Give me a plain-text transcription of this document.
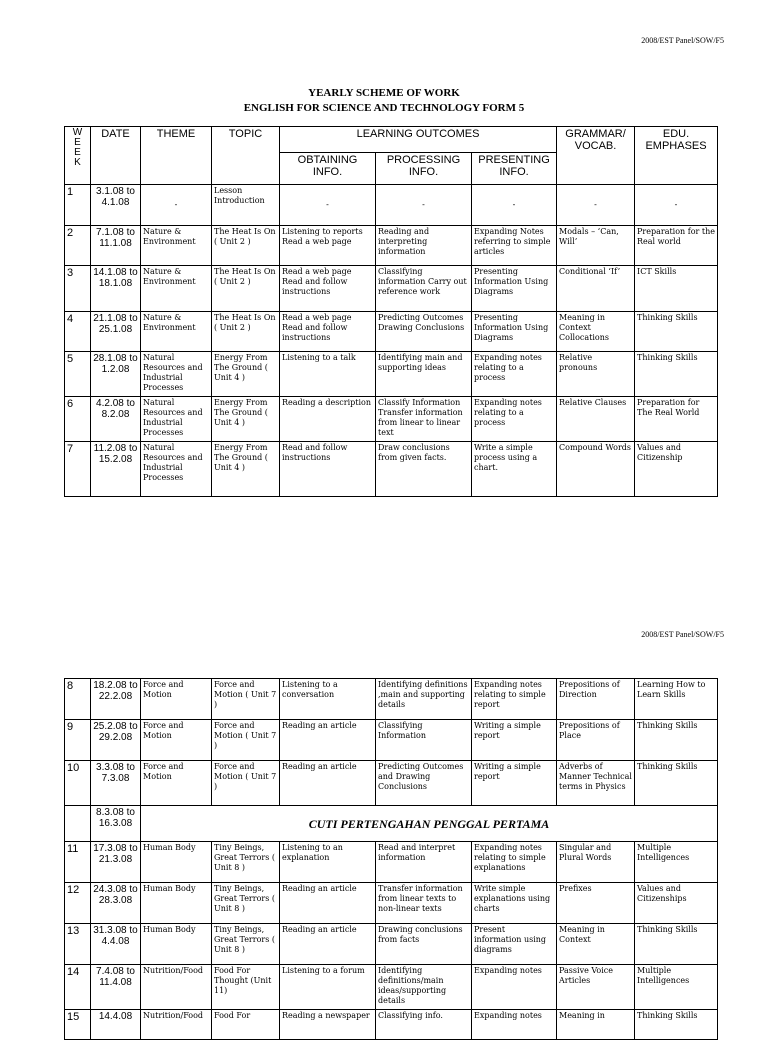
2008/EST Panel/SOW/F5
YEARLY SCHEME OF WORK
ENGLISH FOR SCIENCE AND TECHNOLOGY FORM 5
W
E
E
K	DATE	THEME	TOPIC	LEARNING OUTCOMES			GRAMMAR/ VOCAB.	EDU. EMPHASES
				OBTAINING INFO.	PROCESSING INFO.	PRESENTING INFO.		
1	3.1.08 to 4.1.08	-	Lesson Introduction	-	-	-	-	-
2	7.1.08 to 11.1.08	Nature & Environment	The Heat Is On ( Unit 2 )	Listening to reports Read a web page	Reading and interpreting information	Expanding Notes referring to simple articles	Modals – ‘Can, Will’	Preparation for the Real world
3	14.1.08 to 18.1.08	Nature & Environment	The Heat Is On ( Unit 2 )	Read a web page Read and follow instructions	Classifying information Carry out reference work	Presenting Information Using Diagrams	Conditional ‘If’	ICT Skills
4	21.1.08 to 25.1.08	Nature & Environment	The Heat Is On ( Unit 2 )	Read a web page Read and follow instructions	Predicting Outcomes Drawing Conclusions	Presenting Information Using Diagrams	Meaning in Context Collocations	Thinking Skills
5	28.1.08 to 1.2.08	Natural Resources and Industrial Processes	Energy From The Ground ( Unit 4 )	Listening to a talk	Identifying main and supporting ideas	Expanding notes relating to a process	Relative pronouns	Thinking Skills
6	4.2.08 to 8.2.08	Natural Resources and Industrial Processes	Energy From The Ground ( Unit 4 )	Reading a description	Classify Information Transfer information from linear to linear text	Expanding notes relating to a process	Relative Clauses	Preparation for The Real World
7	11.2.08 to 15.2.08	Natural Resources and Industrial Processes	Energy From The Ground ( Unit 4 )	Read and follow instructions	Draw conclusions from given facts.	Write a simple process using a chart.	Compound Words	Values and Citizenship
2008/EST Panel/SOW/F5
8	18.2.08 to 22.2.08	Force and Motion	Force and Motion ( Unit 7 )	Listening to a conversation	Identifying definitions ,main and supporting details	Expanding notes relating to simple report	Prepositions of Direction	Learning How to Learn Skills
9	25.2.08 to 29.2.08	Force and Motion	Force and Motion ( Unit 7 )	Reading an article	Classifying Information	Writing a simple report	Prepositions of Place	Thinking Skills
10	3.3.08 to 7.3.08	Force and Motion	Force and Motion ( Unit 7 )	Reading an article	Predicting Outcomes and Drawing Conclusions	Writing a simple report	Adverbs of Manner Technical terms in Physics	Thinking Skills
	8.3.08 to 16.3.08	CUTI PERTENGAHAN PENGGAL PERTAMA						
11	17.3.08 to 21.3.08	Human Body	Tiny Beings, Great Terrors ( Unit 8 )	Listening to an explanation	Read and interpret information	Expanding notes relating to simple explanations	Singular and Plural Words	Multiple Intelligences
12	24.3.08 to 28.3.08	Human Body	Tiny Beings, Great Terrors ( Unit 8 )	Reading an article	Transfer information from linear texts to non-linear texts	Write simple explanations using charts	Prefixes	Values and Citizenships
13	31.3.08 to 4.4.08	Human Body	Tiny Beings, Great Terrors ( Unit 8 )	Reading an article	Drawing conclusions from facts	Present information using diagrams	Meaning in Context	Thinking Skills
14	7.4.08 to 11.4.08	Nutrition/Food	Food For Thought (Unit 11)	Listening to a forum	Identifying definitions/main ideas/supporting details	Expanding notes	Passive Voice Articles	Multiple Intelligences
15	14.4.08	Nutrition/Food	Food For	Reading a newspaper	Classifying info.	Expanding notes	Meaning in	Thinking Skills
